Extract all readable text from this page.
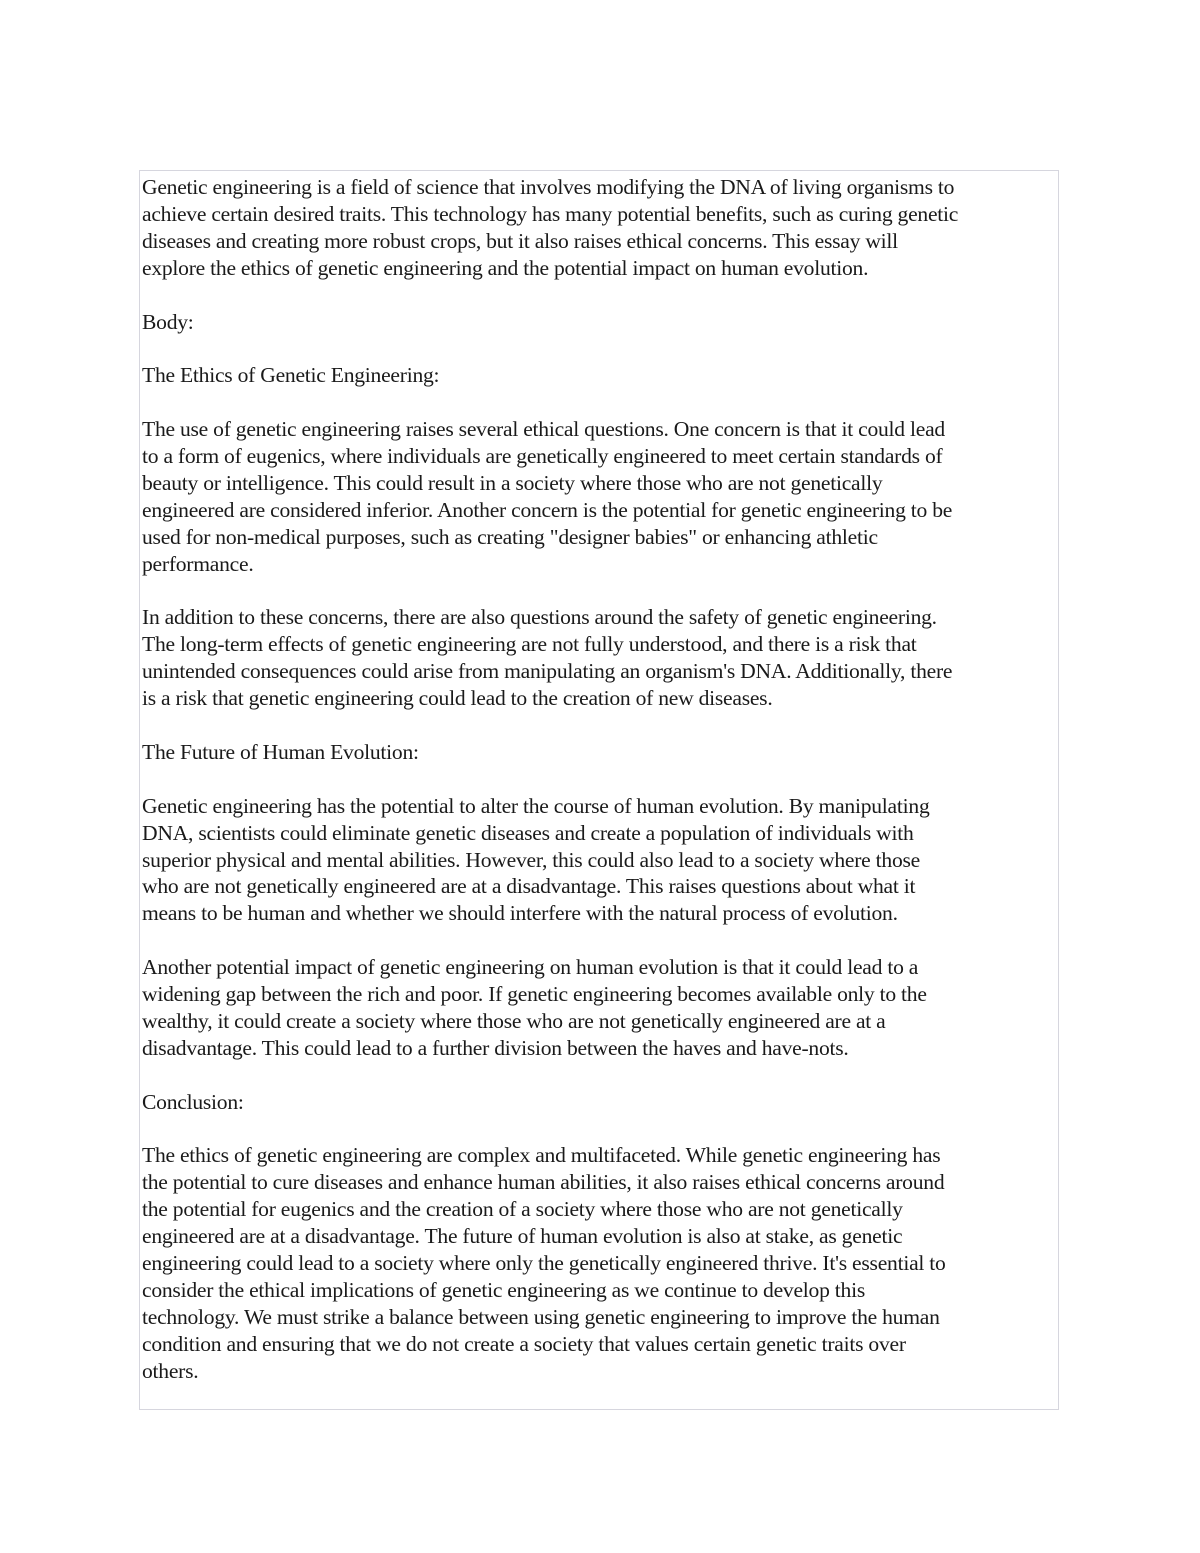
Genetic engineering is a field of science that involves modifying the DNA of living organisms to
achieve certain desired traits. This technology has many potential benefits, such as curing genetic
diseases and creating more robust crops, but it also raises ethical concerns. This essay will
explore the ethics of genetic engineering and the potential impact on human evolution.

Body:

The Ethics of Genetic Engineering:

The use of genetic engineering raises several ethical questions. One concern is that it could lead
to a form of eugenics, where individuals are genetically engineered to meet certain standards of
beauty or intelligence. This could result in a society where those who are not genetically
engineered are considered inferior. Another concern is the potential for genetic engineering to be
used for non-medical purposes, such as creating "designer babies" or enhancing athletic
performance.

In addition to these concerns, there are also questions around the safety of genetic engineering.
The long-term effects of genetic engineering are not fully understood, and there is a risk that
unintended consequences could arise from manipulating an organism's DNA. Additionally, there
is a risk that genetic engineering could lead to the creation of new diseases.

The Future of Human Evolution:

Genetic engineering has the potential to alter the course of human evolution. By manipulating
DNA, scientists could eliminate genetic diseases and create a population of individuals with
superior physical and mental abilities. However, this could also lead to a society where those
who are not genetically engineered are at a disadvantage. This raises questions about what it
means to be human and whether we should interfere with the natural process of evolution.

Another potential impact of genetic engineering on human evolution is that it could lead to a
widening gap between the rich and poor. If genetic engineering becomes available only to the
wealthy, it could create a society where those who are not genetically engineered are at a
disadvantage. This could lead to a further division between the haves and have-nots.

Conclusion:

The ethics of genetic engineering are complex and multifaceted. While genetic engineering has
the potential to cure diseases and enhance human abilities, it also raises ethical concerns around
the potential for eugenics and the creation of a society where those who are not genetically
engineered are at a disadvantage. The future of human evolution is also at stake, as genetic
engineering could lead to a society where only the genetically engineered thrive. It's essential to
consider the ethical implications of genetic engineering as we continue to develop this
technology. We must strike a balance between using genetic engineering to improve the human
condition and ensuring that we do not create a society that values certain genetic traits over
others.
